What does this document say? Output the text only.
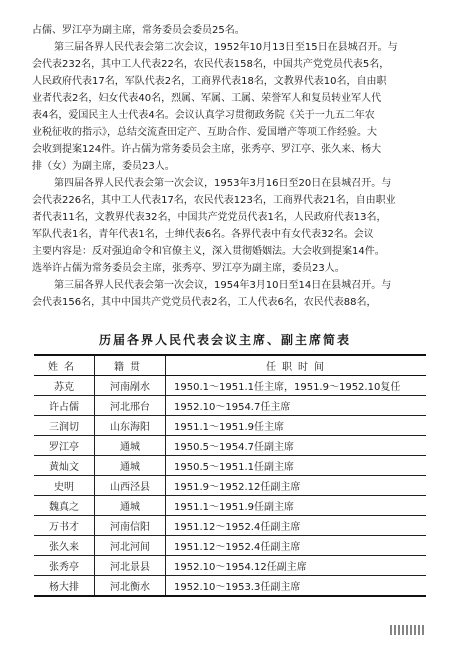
占儒、罗江亭为副主席，常务委员会委员25名。
第三届各界人民代表会第二次会议，1952年10月13日至15日在县城召开。与
会代表232名，其中工人代表22名，农民代表158名，中国共产党党员代表5名，
人民政府代表17名，军队代表2名，工商界代表18名，文教界代表10名，自由职
业者代表2名，妇女代表40名，烈属、军属、工属、荣誉军人和复员转业军人代
表4名，爱国民主人士代表4名。会议认真学习贯彻政务院《关于一九五二年农
业税征收的指示》，总结交流查田定产、互助合作、爱国增产等项工作经验。大
会收到提案124件。许占儒为常务委员会主席，张秀亭、罗江亭、张久来、杨大
排（女）为副主席，委员23人。
第四届各界人民代表会第一次会议，1953年3月16日至20日在县城召开。与
会代表226名，其中工人代表17名，农民代表123名，工商界代表21名，自由职业
者代表11名，文教界代表32名，中国共产党党员代表1名，人民政府代表13名，
军队代表1名，青年代表1名，士绅代表6名。各界代表中有女代表32名。会议
主要内容是：反对强迫命令和官僚主义，深入贯彻婚姻法。大会收到提案14件。
选举许占儒为常务委员会主席，张秀亭、罗江亭为副主席，委员23人。
第三届各界人民代表会第一次会议，1954年3月10日至14日在县城召开。与
会代表156名，其中中国共产党党员代表2名，工人代表6名，农民代表88名，
历届各界人民代表会议主席、副主席简表
姓名	籍贯	任职时间
苏克	河南剐水	1950.1～1951.1任主席，1951.9～1952.10复任
许占儒	河北邢台	1952.10～1954.7任主席
三润切	山东海阳	1951.1～1951.9任主席
罗江亭	通城	1950.5～1954.7任副主席
黄灿文	通城	1950.5～1951.1任副主席
史明	山西泾县	1951.9～1952.12任副主席
魏真之	通城	1951.1～1951.9任副主席
万书才	河南信阳	1951.12～1952.4任副主席
张久来	河北河间	1951.12～1952.4任副主席
张秀亭	河北景县	1952.10～1954.12任副主席
杨大排	河北衡水	1952.10～1953.3任副主席
